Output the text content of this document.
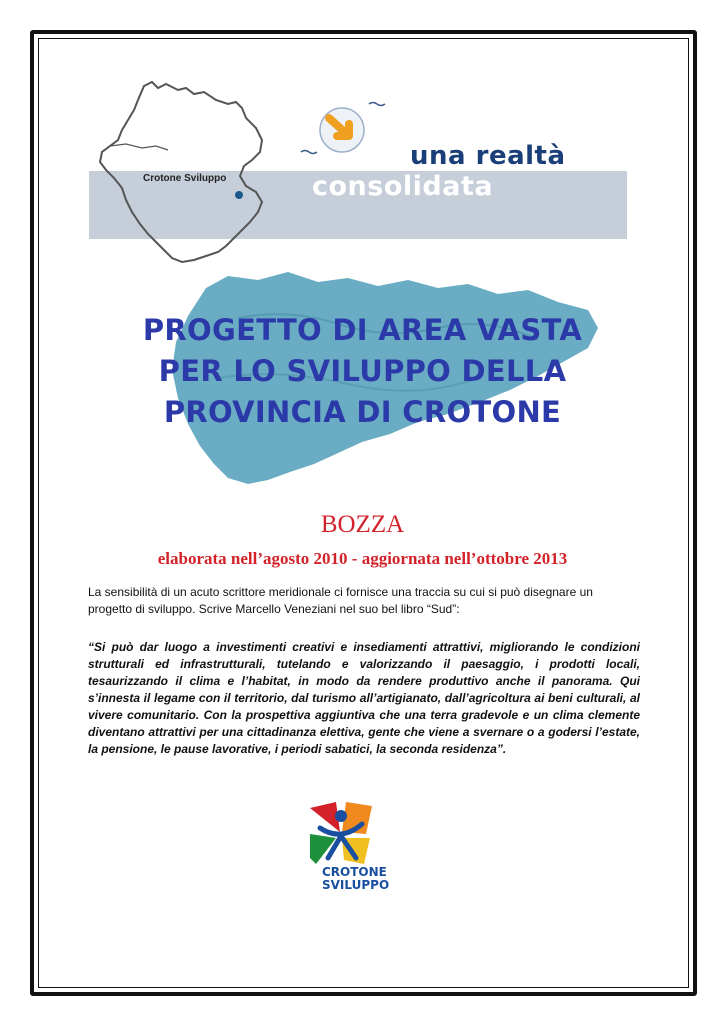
Crotone Sviluppo
una realtà
consolidata
PROGETTO DI AREA VASTA
PER LO SVILUPPO DELLA
PROVINCIA DI CROTONE
BOZZA
elaborata nell’agosto 2010 - aggiornata nell’ottobre 2013
La sensibilità di un acuto scrittore meridionale ci fornisce una traccia su cui si può disegnare un progetto di sviluppo. Scrive Marcello Veneziani nel suo bel libro “Sud”:
“Si può dar luogo a investimenti creativi e insediamenti attrattivi, migliorando le condizioni strutturali ed infrastrutturali, tutelando e valorizzando il paesaggio, i prodotti locali, tesaurizzando il clima e l’habitat, in modo da rendere produttivo anche il panorama. Qui s’innesta il legame con il territorio, dal turismo all’artigianato, dall’agricoltura ai beni culturali, al vivere comunitario. Con la prospettiva aggiuntiva che una terra gradevole e un clima clemente diventano attrattivi per una cittadinanza elettiva, gente che viene a svernare o a godersi l’estate, la pensione, le pause lavorative, i periodi sabatici, la seconda residenza”.
CROTONE
SVILUPPO
